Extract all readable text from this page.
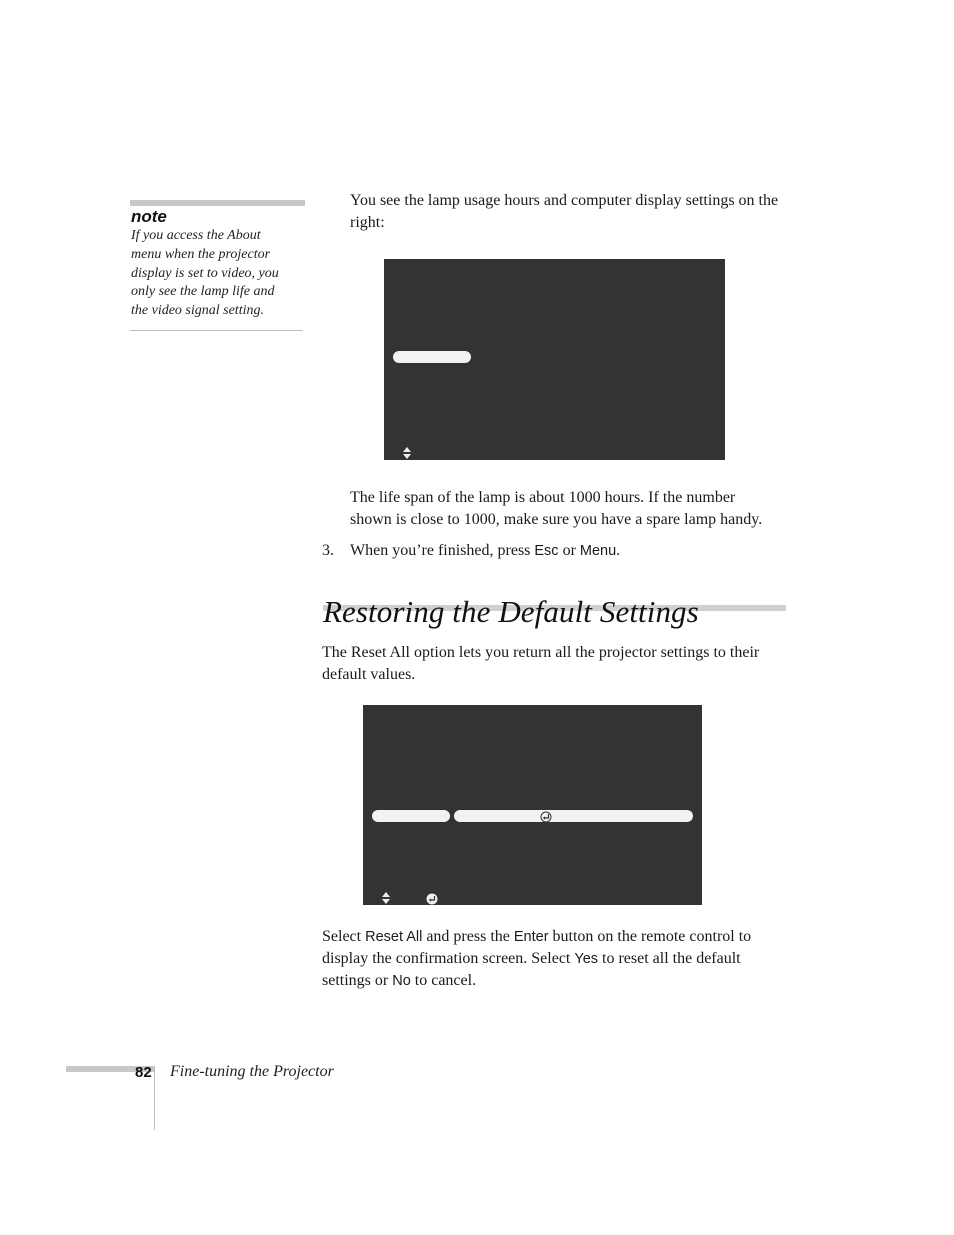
note
If you access the About menu when the projector display is set to video, you only see the lamp life and the video signal setting.
You see the lamp usage hours and computer display settings on the right:
The life span of the lamp is about 1000 hours. If the number shown is close to 1000, make sure you have a spare lamp handy.
3. When you’re finished, press Esc or Menu.
Restoring the Default Settings
The Reset All option lets you return all the projector settings to their default values.
Select Reset All and press the Enter button on the remote control to display the confirmation screen. Select Yes to reset all the default settings or No to cancel.
82 Fine-tuning the Projector
